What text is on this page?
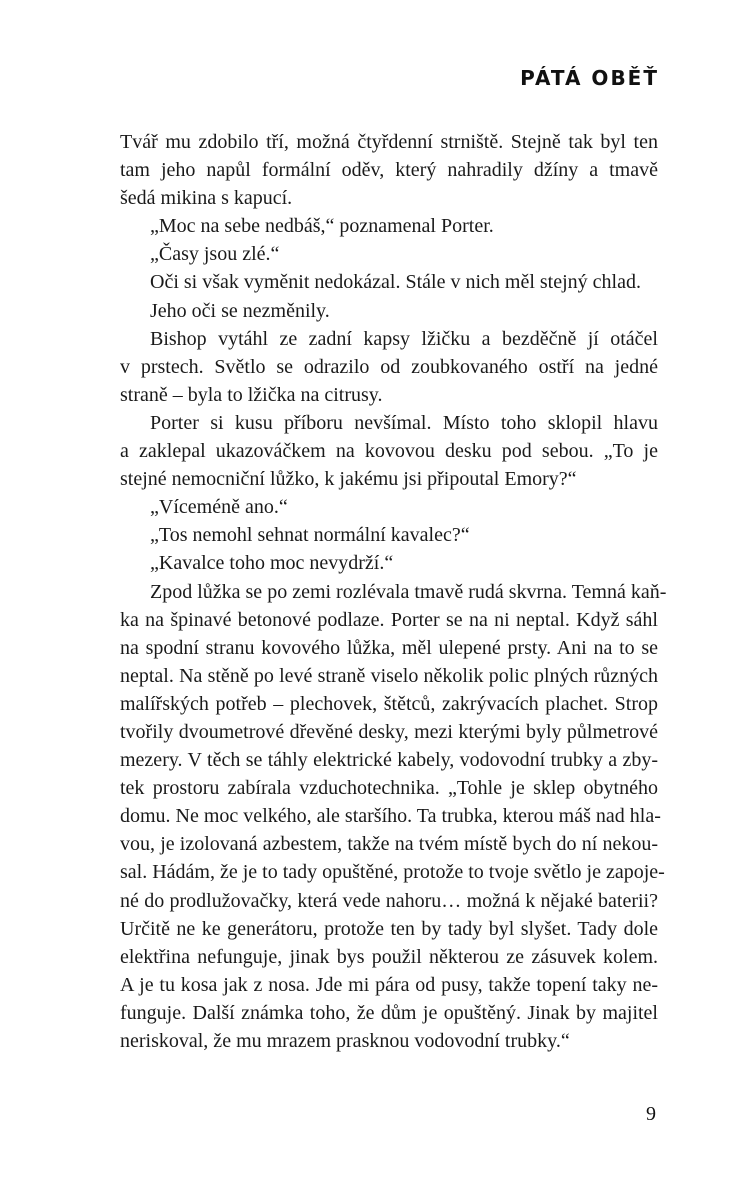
PÁTÁ OBĚŤ
Tvář mu zdobilo tří, možná čtyřdenní strniště. Stejně tak byl ten
tam jeho napůl formální oděv, který nahradily džíny a tmavě
šedá mikina s kapucí.
„Moc na sebe nedbáš,“ poznamenal Porter.
„Časy jsou zlé.“
Oči si však vyměnit nedokázal. Stále v nich měl stejný chlad.
Jeho oči se nezměnily.
Bishop vytáhl ze zadní kapsy lžičku a bezděčně jí otáčel
v prstech. Světlo se odrazilo od zoubkovaného ostří na jedné
straně – byla to lžička na citrusy.
Porter si kusu příboru nevšímal. Místo toho sklopil hlavu
a zaklepal ukazováčkem na kovovou desku pod sebou. „To je
stejné nemocniční lůžko, k jakému jsi připoutal Emory?“
„Víceméně ano.“
„Tos nemohl sehnat normální kavalec?“
„Kavalce toho moc nevydrží.“
Zpod lůžka se po zemi rozlévala tmavě rudá skvrna. Temná kaň-
ka na špinavé betonové podlaze. Porter se na ni neptal. Když sáhl
na spodní stranu kovového lůžka, měl ulepené prsty. Ani na to se
neptal. Na stěně po levé straně viselo několik polic plných různých
malířských potřeb – plechovek, štětců, zakrývacích plachet. Strop
tvořily dvoumetrové dřevěné desky, mezi kterými byly půlmetrové
mezery. V těch se táhly elektrické kabely, vodovodní trubky a zby-
tek prostoru zabírala vzduchotechnika. „Tohle je sklep obytného
domu. Ne moc velkého, ale staršího. Ta trubka, kterou máš nad hla-
vou, je izolovaná azbestem, takže na tvém místě bych do ní nekou-
sal. Hádám, že je to tady opuštěné, protože to tvoje světlo je zapoje-
né do prodlužovačky, která vede nahoru… možná k nějaké baterii?
Určitě ne ke generátoru, protože ten by tady byl slyšet. Tady dole
elektřina nefunguje, jinak bys použil některou ze zásuvek kolem.
A je tu kosa jak z nosa. Jde mi pára od pusy, takže topení taky ne-
funguje. Další známka toho, že dům je opuštěný. Jinak by majitel
neriskoval, že mu mrazem prasknou vodovodní trubky.“
9
